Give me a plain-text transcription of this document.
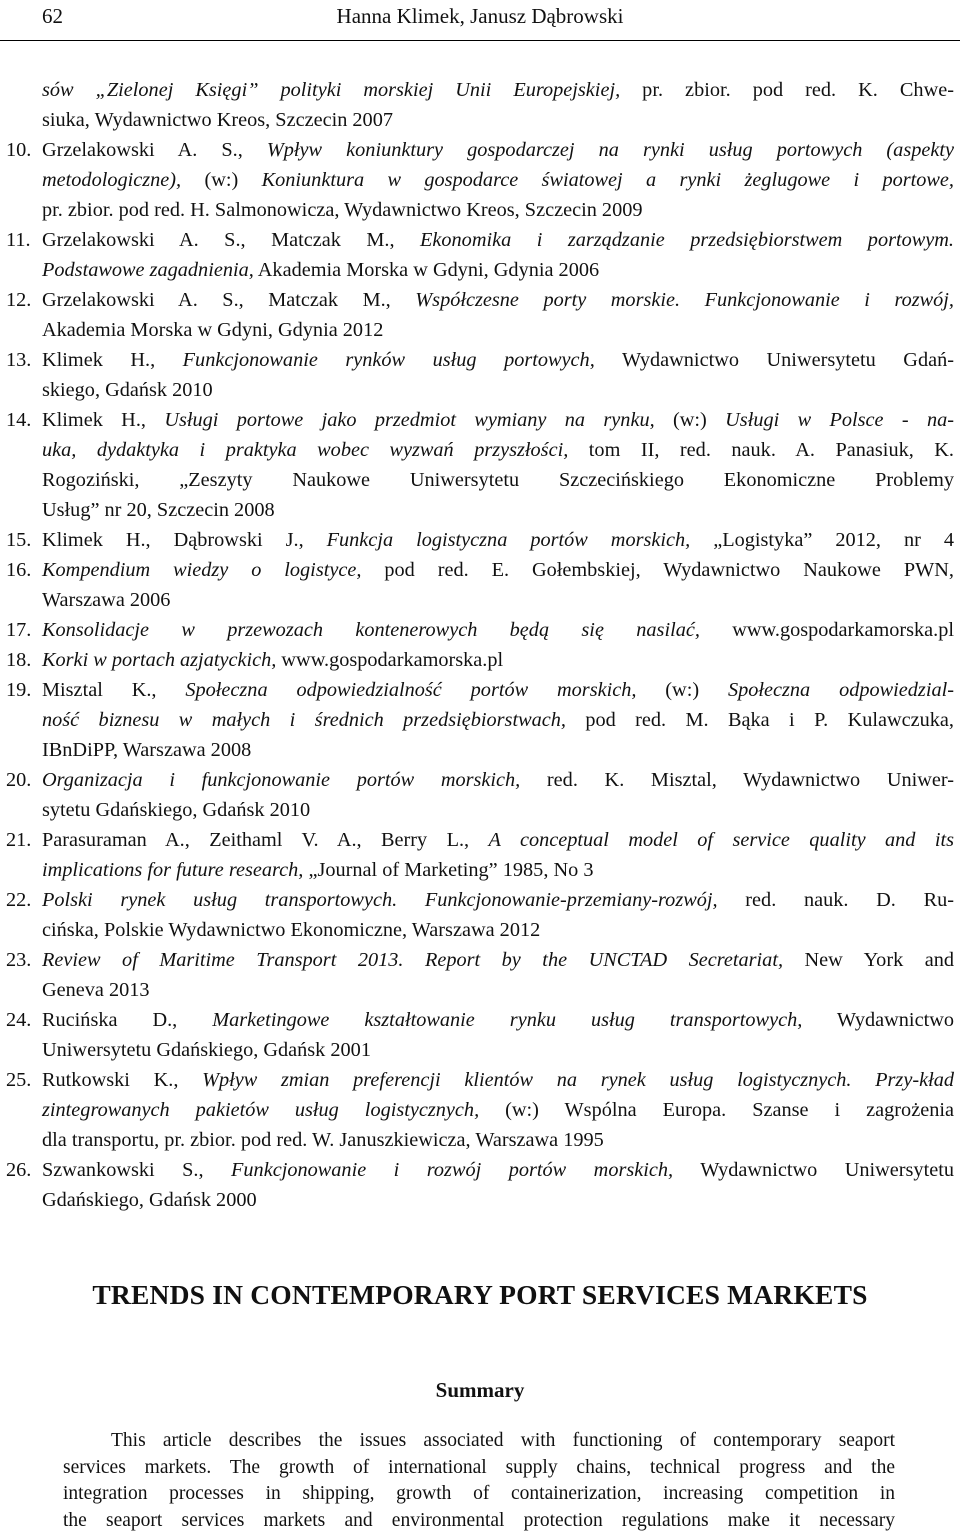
62	Hanna Klimek, Janusz Dąbrowski
sów „Zielonej Księgi” polityki morskiej Unii Europejskiej, pr. zbior. pod red. K. Chwe-
siuka, Wydawnictwo Kreos, Szczecin 2007
10. Grzelakowski A. S., Wpływ koniunktury gospodarczej na rynki usług portowych (aspekty
metodologiczne), (w:) Koniunktura w gospodarce światowej a rynki żeglugowe i portowe,
pr. zbior. pod red. H. Salmonowicza, Wydawnictwo Kreos, Szczecin 2009
11. Grzelakowski A. S., Matczak M., Ekonomika i zarządzanie przedsiębiorstwem portowym.
Podstawowe zagadnienia, Akademia Morska w Gdyni, Gdynia 2006
12. Grzelakowski A. S., Matczak M., Współczesne porty morskie. Funkcjonowanie i rozwój,
Akademia Morska w Gdyni, Gdynia 2012
13. Klimek H., Funkcjonowanie rynków usług portowych, Wydawnictwo Uniwersytetu Gdań-
skiego, Gdańsk 2010
14. Klimek H., Usługi portowe jako przedmiot wymiany na rynku, (w:) Usługi w Polsce - na-
uka, dydaktyka i praktyka wobec wyzwań przyszłości, tom II, red. nauk. A. Panasiuk, K.
Rogoziński, „Zeszyty Naukowe Uniwersytetu Szczecińskiego Ekonomiczne Problemy
Usług” nr 20, Szczecin 2008
15. Klimek H., Dąbrowski J., Funkcja logistyczna portów morskich, „Logistyka” 2012, nr 4
16. Kompendium wiedzy o logistyce, pod red. E. Gołembskiej, Wydawnictwo Naukowe PWN,
Warszawa 2006
17. Konsolidacje w przewozach kontenerowych będą się nasilać, www.gospodarkamorska.pl
18. Korki w portach azjatyckich, www.gospodarkamorska.pl
19. Misztal K., Społeczna odpowiedzialność portów morskich, (w:) Społeczna odpowiedzial-
ność biznesu w małych i średnich przedsiębiorstwach, pod red. M. Bąka i P. Kulawczuka,
IBnDiPP, Warszawa 2008
20. Organizacja i funkcjonowanie portów morskich, red. K. Misztal, Wydawnictwo Uniwer-
sytetu Gdańskiego, Gdańsk 2010
21. Parasuraman A., Zeithaml V. A., Berry L., A conceptual model of service quality and its
implications for future research, „Journal of Marketing” 1985, No 3
22. Polski rynek usług transportowych. Funkcjonowanie-przemiany-rozwój, red. nauk. D. Ru-
cińska, Polskie Wydawnictwo Ekonomiczne, Warszawa 2012
23. Review of Maritime Transport 2013. Report by the UNCTAD Secretariat, New York and
Geneva 2013
24. Rucińska D., Marketingowe kształtowanie rynku usług transportowych, Wydawnictwo
Uniwersytetu Gdańskiego, Gdańsk 2001
25. Rutkowski K., Wpływ zmian preferencji klientów na rynek usług logistycznych. Przy-kład
zintegrowanych pakietów usług logistycznych, (w:) Wspólna Europa. Szanse i zagrożenia
dla transportu, pr. zbior. pod red. W. Januszkiewicza, Warszawa 1995
26. Szwankowski S., Funkcjonowanie i rozwój portów morskich, Wydawnictwo Uniwersytetu
Gdańskiego, Gdańsk 2000
TRENDS IN CONTEMPORARY PORT SERVICES MARKETS
Summary
This article describes the issues associated with functioning of contemporary seaport
services markets. The growth of international supply chains, technical progress and the
integration processes in shipping, growth of containerization, increasing competition in
the seaport services markets and environmental protection regulations make it necessary
